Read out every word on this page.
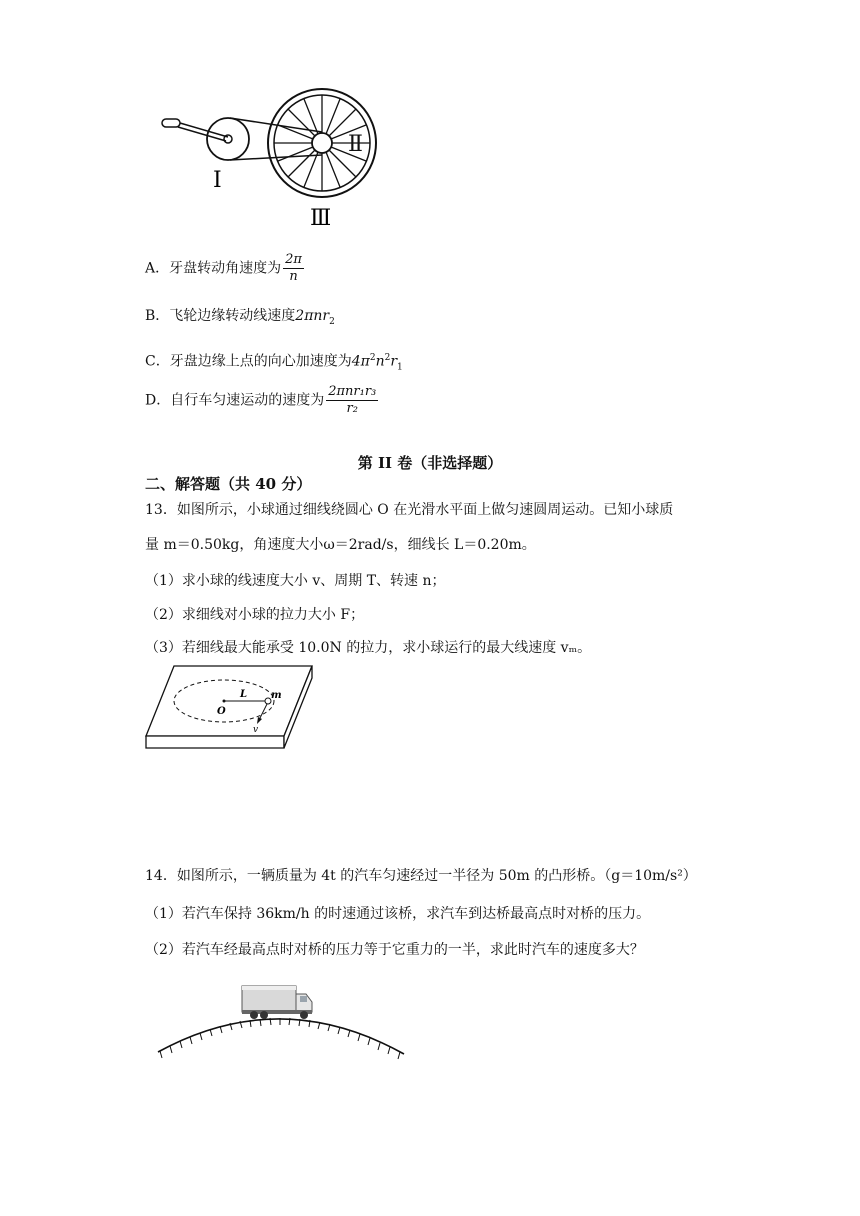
Ⅰ
Ⅱ
Ⅲ
A．牙盘转动角速度为 $\frac{2\pi}{n}$
B．飞轮边缘转动线速度2πnr$_2$
C．牙盘边缘上点的向心加速度为$4\pi^2n^2r_1$
D．自行车匀速运动的速度为 $\frac{\text{2πnr₁r₃}}{\text{r₂}}$
第 II 卷（非选择题）
二、解答题（共 40 分）
13．如图所示，小球通过细线绕圆心 O 在光滑水平面上做匀速圆周运动。已知小球质
量 m＝0.50kg，角速度大小ω＝2rad/s，细线长 L＝0.20m。
（1）求小球的线速度大小 v、周期 T、转速 n；
（2）求细线对小球的拉力大小 F；
（3）若细线最大能承受 10.0N 的拉力，求小球运行的最大线速度 vₘ。
L
O
m
v
14．如图所示，一辆质量为 4t 的汽车匀速经过一半径为 50m 的凸形桥。（g＝10m/s²）
（1）若汽车保持 36km/h 的时速通过该桥，求汽车到达桥最高点时对桥的压力。
（2）若汽车经最高点时对桥的压力等于它重力的一半，求此时汽车的速度多大？
